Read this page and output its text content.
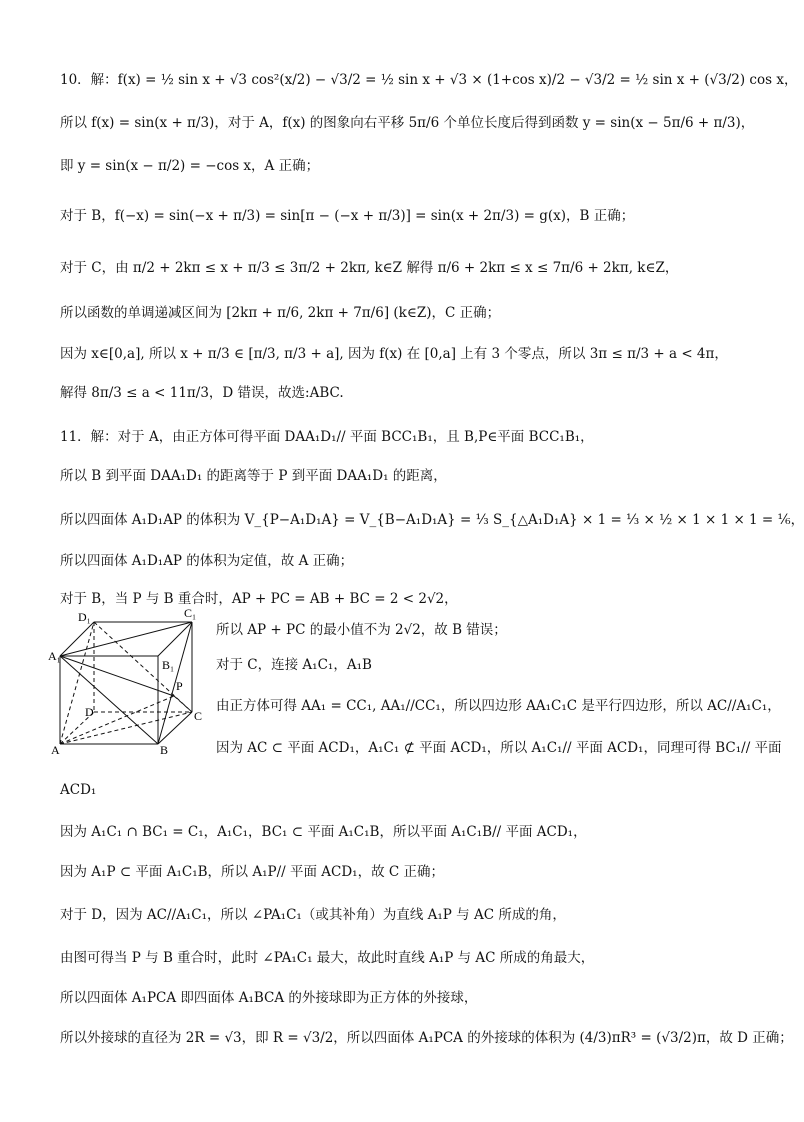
10．解：f(x) = ½ sin x + √3 cos²(x/2) − √3/2 = ½ sin x + √3 × (1+cos x)/2 − √3/2 = ½ sin x + (√3/2) cos x，
所以 f(x) = sin(x + π/3)，对于 A，f(x) 的图象向右平移 5π/6 个单位长度后得到函数 y = sin(x − 5π/6 + π/3)，
即 y = sin(x − π/2) = −cos x，A 正确；
对于 B，f(−x) = sin(−x + π/3) = sin[π − (−x + π/3)] = sin(x + 2π/3) = g(x)，B 正确；
对于 C，由 π/2 + 2kπ ≤ x + π/3 ≤ 3π/2 + 2kπ, k∈Z 解得 π/6 + 2kπ ≤ x ≤ 7π/6 + 2kπ, k∈Z，
所以函数的单调递减区间为 [2kπ + π/6, 2kπ + 7π/6] (k∈Z)，C 正确；
因为 x∈[0,a], 所以 x + π/3 ∈ [π/3, π/3 + a], 因为 f(x) 在 [0,a] 上有 3 个零点，所以 3π ≤ π/3 + a < 4π，
解得 8π/3 ≤ a < 11π/3，D 错误，故选:ABC.
11．解：对于 A，由正方体可得平面 DAA₁D₁// 平面 BCC₁B₁，且 B,P∈平面 BCC₁B₁，
所以 B 到平面 DAA₁D₁ 的距离等于 P 到平面 DAA₁D₁ 的距离，
所以四面体 A₁D₁AP 的体积为 V_{P−A₁D₁A} = V_{B−A₁D₁A} = ⅓ S_{△A₁D₁A} × 1 = ⅓ × ½ × 1 × 1 × 1 = ⅙，
所以四面体 A₁D₁AP 的体积为定值，故 A 正确；
对于 B，当 P 与 B 重合时，AP + PC = AB + BC = 2 < 2√2，
D₁	C₁
A₁
B₁
P
D	C
A	B
所以 AP + PC 的最小值不为 2√2，故 B 错误；
对于 C，连接 A₁C₁，A₁B
由正方体可得 AA₁ = CC₁, AA₁//CC₁，所以四边形 AA₁C₁C 是平行四边形，所以 AC//A₁C₁，
因为 AC ⊂ 平面 ACD₁，A₁C₁ ⊄ 平面 ACD₁，所以 A₁C₁// 平面 ACD₁，同理可得 BC₁// 平面
ACD₁
因为 A₁C₁ ∩ BC₁ = C₁，A₁C₁，BC₁ ⊂ 平面 A₁C₁B，所以平面 A₁C₁B// 平面 ACD₁，
因为 A₁P ⊂ 平面 A₁C₁B，所以 A₁P// 平面 ACD₁，故 C 正确；
对于 D，因为 AC//A₁C₁，所以 ∠PA₁C₁（或其补角）为直线 A₁P 与 AC 所成的角，
由图可得当 P 与 B 重合时，此时 ∠PA₁C₁ 最大，故此时直线 A₁P 与 AC 所成的角最大，
所以四面体 A₁PCA 即四面体 A₁BCA 的外接球即为正方体的外接球，
所以外接球的直径为 2R = √3，即 R = √3/2，所以四面体 A₁PCA 的外接球的体积为 (4/3)πR³ = (√3/2)π，故 D 正确；
